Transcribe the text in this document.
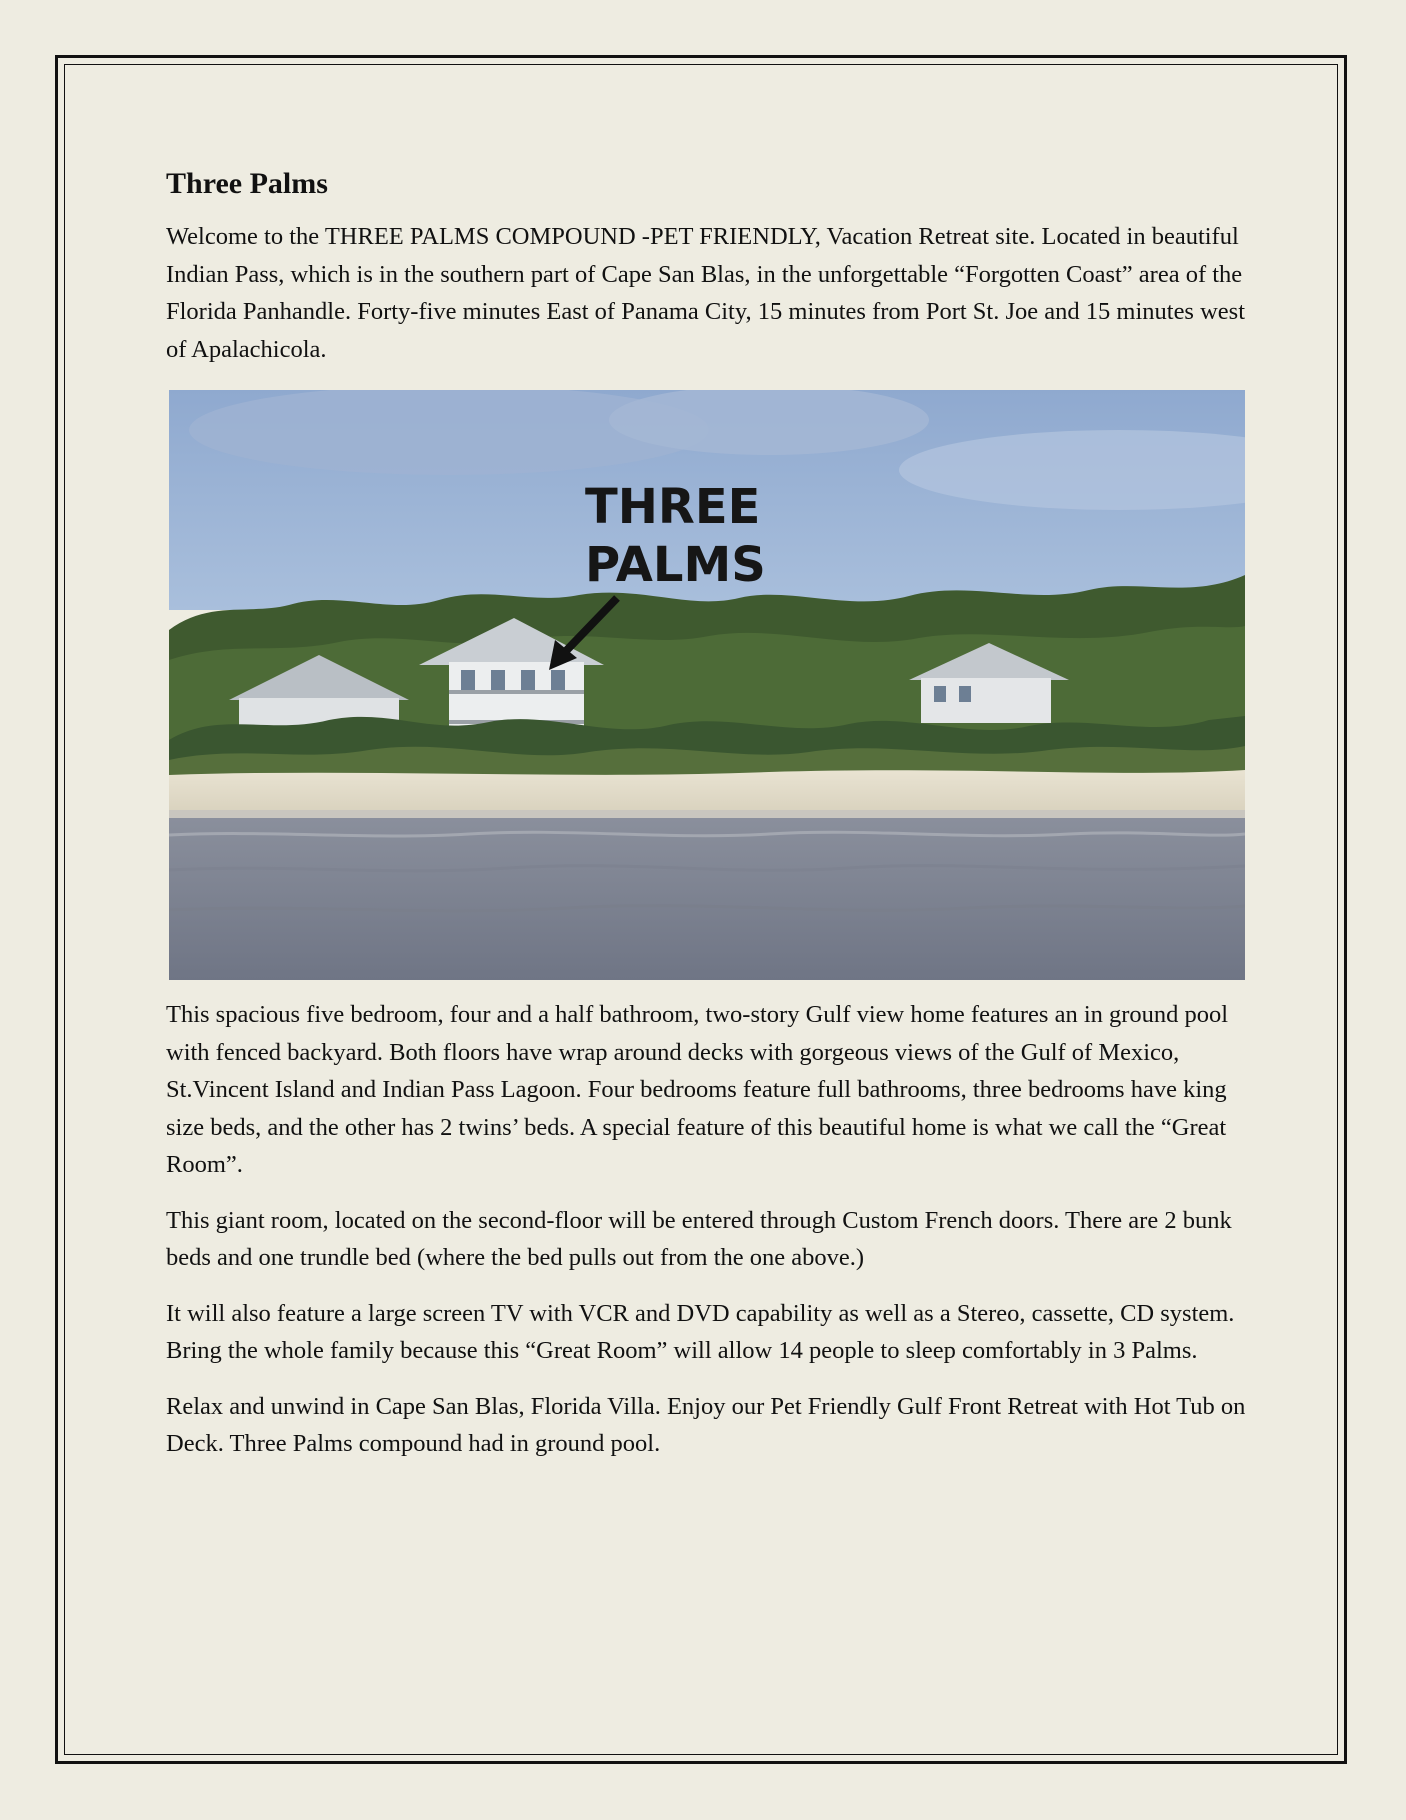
Three Palms

Welcome to the THREE PALMS COMPOUND -PET FRIENDLY, Vacation Retreat site. Located in beautiful Indian Pass, which is in the southern part of Cape San Blas, in the unforgettable “Forgotten Coast” area of the Florida Panhandle. Forty-five minutes East of Panama City, 15 minutes from Port St. Joe and 15 minutes west of Apalachicola.

THREE
PALMS

This spacious five bedroom, four and a half bathroom, two-story Gulf view home features an in ground pool with fenced backyard. Both floors have wrap around decks with gorgeous views of the Gulf of Mexico, St.Vincent Island and Indian Pass Lagoon. Four bedrooms feature full bathrooms, three bedrooms have king size beds, and the other has 2 twins’ beds. A special feature of this beautiful home is what we call the “Great Room”.

This giant room, located on the second-floor will be entered through Custom French doors. There are 2 bunk beds and one trundle bed (where the bed pulls out from the one above.)

It will also feature a large screen TV with VCR and DVD capability as well as a Stereo, cassette, CD system. Bring the whole family because this “Great Room” will allow 14 people to sleep comfortably in 3 Palms.

Relax and unwind in Cape San Blas, Florida Villa. Enjoy our Pet Friendly Gulf Front Retreat with Hot Tub on Deck. Three Palms compound had in ground pool.
